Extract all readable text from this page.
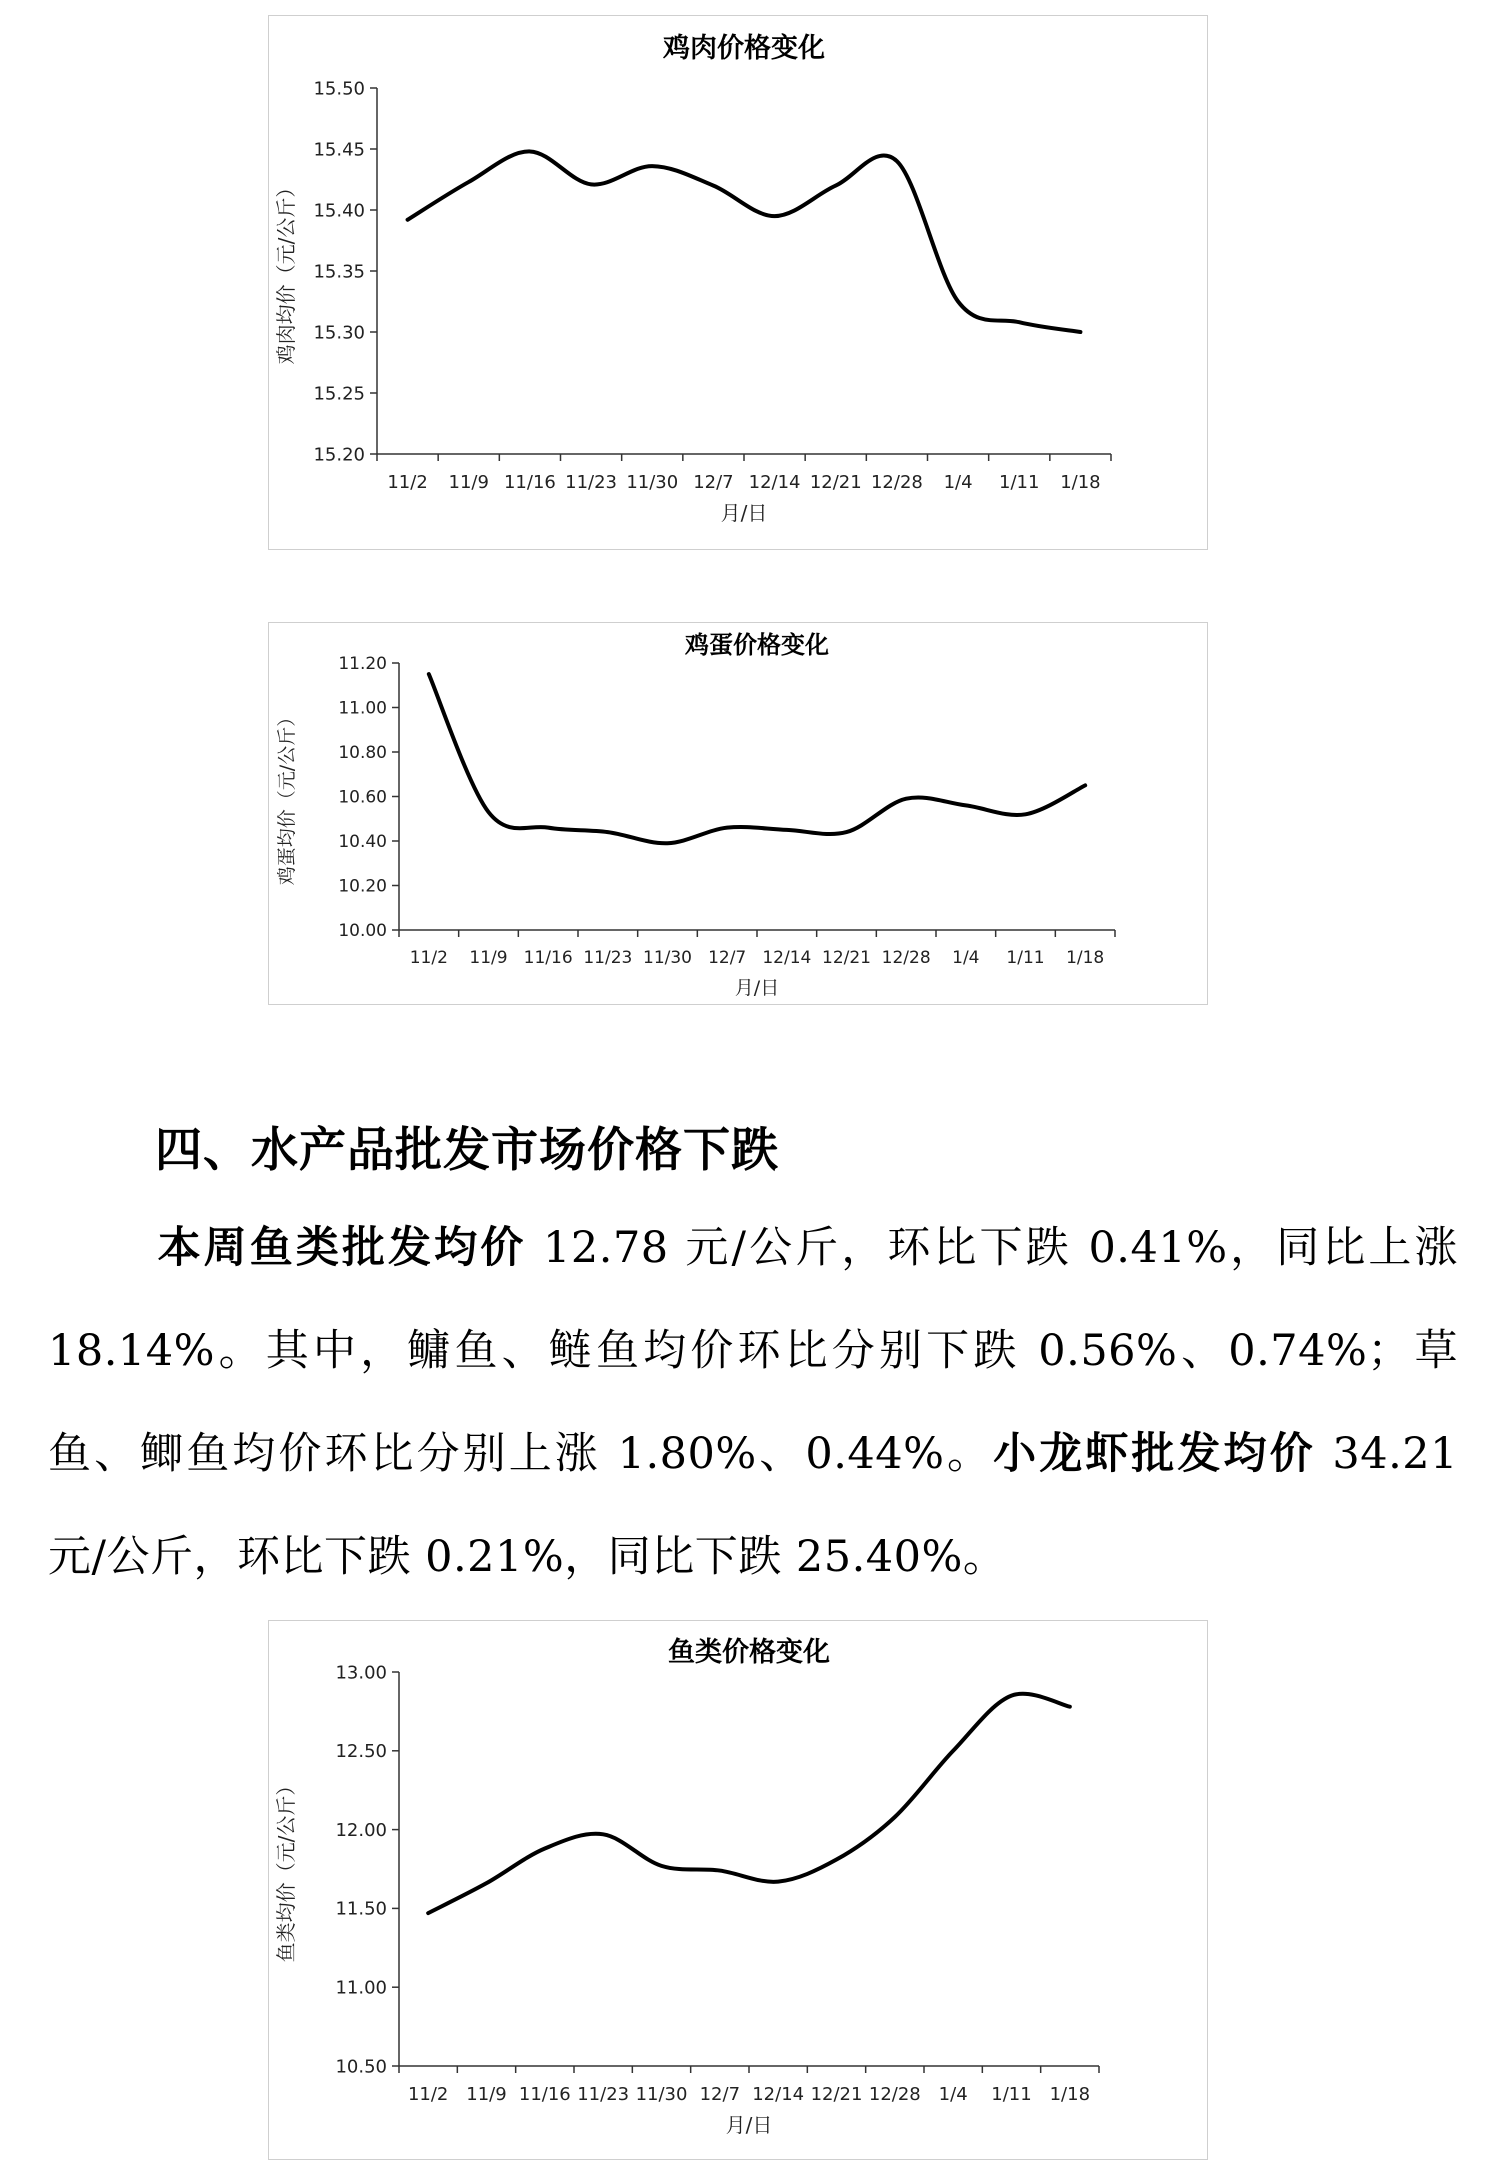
鸡肉价格变化
15.20
15.25
15.30
15.35
15.40
15.45
15.50
11/2 11/9 11/16 11/23 11/30 12/7 12/14 12/21 12/28 1/4 1/11 1/18
月/日
鸡肉均价（元/公斤）
鸡蛋价格变化
10.00
10.20
10.40
10.60
10.80
11.00
11.20
11/2 11/9 11/16 11/23 11/30 12/7 12/14 12/21 12/28 1/4 1/11 1/18
月/日
鸡蛋均价（元/公斤）
四、水产品批发市场价格下跌
本周鱼类批发均价 12.78 元/公斤，环比下跌 0.41%，同比上涨 18.14%。其中，鳙鱼、鲢鱼均价环比分别下跌 0.56%、0.74%；草鱼、鲫鱼均价环比分别上涨 1.80%、0.44%。小龙虾批发均价 34.21 元/公斤，环比下跌 0.21%，同比下跌 25.40%。
鱼类价格变化
10.50
11.00
11.50
12.00
12.50
13.00
11/2 11/9 11/16 11/23 11/30 12/7 12/14 12/21 12/28 1/4 1/11 1/18
月/日
鱼类均价（元/公斤）
